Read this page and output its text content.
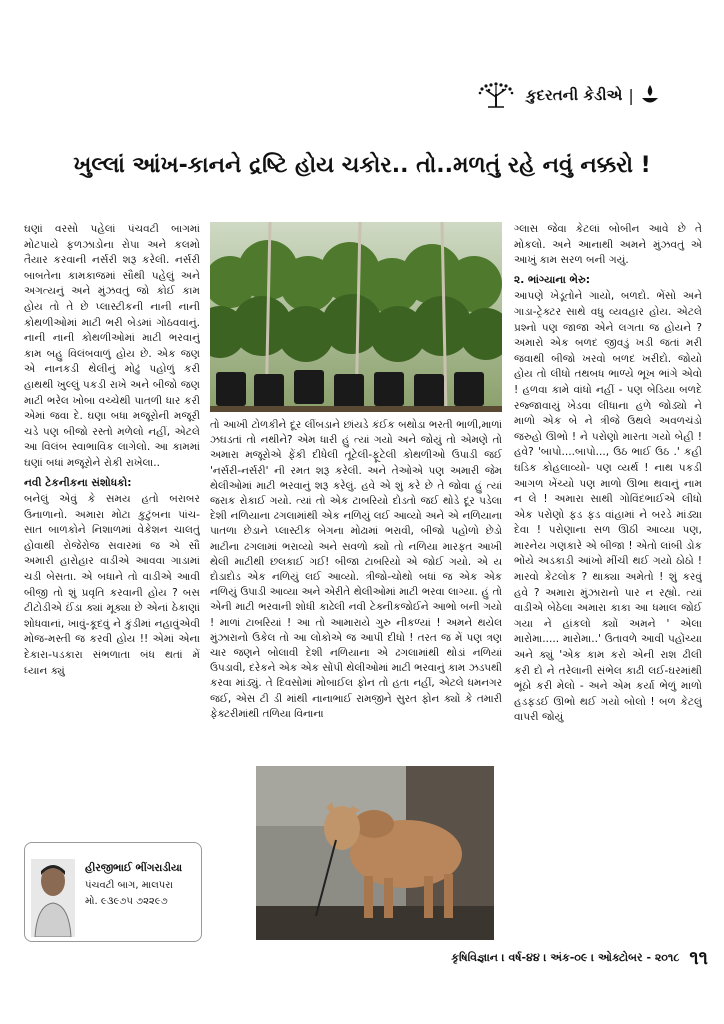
કુદરતની કેડીએ |
ખુલ્લાં આંખ-કાનને દ્રષ્ટિ હોય ચકોર.. તો..મળતું રહે નવું નક્કરો !

ઘણાં વરસો પહેલાં પંચવટી બાગમાં મોટપાયે ફળઝાડોના રોપા અને કલમો તૈયાર કરવાની નર્સરી શરૂ કરેલી. નર્સરી બાબતેના કામકાજમાં સૌથી પહેલું અને અગત્યનું અને મુંઝવતું જો કોઈ કામ હોય તો તે છે પ્લાસ્ટીકની નાની નાની કોથળીઓમાં માટી ભરી બેડમાં ગોઠવવાનું. નાની નાની કોથળીઓમાં માટી ભરવાનું કામ બહુ વિલંબવાળું હોય છે. એક જણ એ નાનકડી થેલીનું મોઢું પહોળું કરી હાથથી ખુલ્લું પકડી રાખે અને બીજો જણ માટી ભરેલ ખોબા વચ્ચેથી પાતળી ધાર કરી એમાં જવા દે. ઘણા બધા મજૂરોની મજૂરી ચડે પણ બીજો રસ્તો મળેલો નહીં, એટલે આ વિલંબ સ્વાભાવિક લાગેલો. આ કામમાં ઘણાં બધાં મજૂરોને રોકી રાખેલા..

નવી ટેકનીકના સંશોધકો:

બનેલું એવું કે સમય હતો બરાબર ઉનાળાનો. અમારા મોટા કુટુંબના પાંચ-સાત બાળકોને નિશાળમાં વેકેશન ચાલતું હોવાથી રોજેરોજ સવારમાં જ એ સૌ અમારી હારોહાર વાડીએ આવવા ગાડામાં ચડી બેસતા. એ બધાને તો વાડીએ આવી બીજી તો શું પ્રવૃતિ કરવાની હોય ? બસ ટીટોડીએ ઈંડા ક્યાં મૂક્યા છે એનાં ઠેકાણાં શોધવાનાં, ખાવું-કૂદવું ને કુંડીમાં નહાવુંએવી મોજ-મસ્તી જ કરવી હોય !! એમાં એના દેકારા-પડકારા સંભળાતા બંધ થતાં મેં ધ્યાન ક્યું

તો આખી ટોળકીને દૂર લીંબડાને છાંયડે કંઈક બથોડા ભરતી ભાળી,માળાં ઝઘડતાં તો નથીને? એમ ધારી હું ત્યાં ગયો અને જોયું તો એમણે તો અમારા મજૂરોએ ફેંકી દીધેલી તૂટેલી-ફૂટેલી કોથળીઓ ઉપાડી જઈ 'નર્સરી-નર્સરી' ની રમત શરૂ કરેલી. અને તેઓએ પણ અમારી જેમ થેલીઓમાં માટી ભરવાનું શરૂ કરેલું. હવે એ શું કરે છે તે જોવા હું ત્યાં જરાક રોકાઈ ગયો. ત્યાં તો એક ટાબરિયો દોડતો જઈ થોડે દૂર પડેલા દેશી નળિયાના ઢગલામાંથી એક નળિયું લઈ આવ્યો અને એ નળિયાના પાતળા છેડાને પ્લાસ્ટીક બેગના મોઢામાં ભરાવી, બીજો પહોળો છેડો માટીના ઢગલામાં ભરાવ્યો અને સવળો ક્યોં તો નળિયા મારફત આખી થેલી માટીથી છલકાઈ ગઈ! બીજા ટાબરિયો એ જોઈ ગયો. એ ય દોડાદોડ એક નળિયું લઈ આવ્યો. ત્રીજો-ચોથો બધાં જ એક એક નળિયું ઉપાડી આવ્યા અને એરીતે થેલીઓમાં માટી ભરવા લાગ્યા. હું તો એની માટી ભરવાની શોધી કાઢેલી નવી ટેક્નીકજોઈને આભો બની ગયો ! માળાં ટાબરિયાં ! આ તો આમારાયે ગુરુ નીકળ્યાં ! અમને થયેલ મુંઝારાનો ઉકેલ તો આ લોકોએ જ આપી દીધો ! તરત જ મેં પણ ત્રણ ચાર જણને બોલાવી દેશી નળિયાના એ ઢગલામાંથી થોડાં નળિયાં ઉપડાવી, દરેકને એક એક સોંપી થેલીઓમાં માટી ભરવાનું કામ ઝડપથી કરવા માંડ્યું. તે દિવસોમાં મોબાઈલ ફોન તો હતા નહીં, એટલે ધમનગર જઈ, એસ ટી ડી માંથી નાનાભાઈ રામજીને સુરત ફોન ક્યોં કે તમારી ફેક્ટરીમાંથી તળિયા વિનાના

ગ્લાસ જેવા કેટલાં બોબીન આવે છે તે મોકલો. અને આનાથી અમને મુંઝવતું એ આખું કામ સરળ બની ગયું.

૨. ભાંગ્યાના ભેરુ:

આપણે ખેડૂતોને ગાયો, બળદો. ભેંસો અને ગાડા-ટ્રેક્ટર સાથે વધુ વ્યવહાર હોય. એટલે પ્રશ્નો પણ જાજા એને લગતા જ હોયને ? અમારો એક બળદ જીવડું ખડી જતાં મરી જવાથી બીજો ખરવો બળદ ખરીદો. જોયો હોય તો લીધો તથબધ ભાળ્યે ભૂખ ભાંગે એવો ! હળવા કામે વાંધો નહીં - પણ બેડિયા બળદે રજ્જાવાયું ખેડવા લીધાના હળે જોડ્યો ને માળો એક બે ને ત્રીજે ઉથલે અવળચંડો જરુહો ઊભો ! ને પરોણો મારતા ગયો બેહી ! હવે? 'બાપો....બાપો..., ઉઠ ભાઈ ઉઠ .' કહી ઘડિક કોહલાવ્યો- પણ વ્યર્થ ! નાથ પકડી આગળ ખેંચ્યો પણ માળો ઊભા થવાનું નામ ન લે ! અમારા સાથી ગોવિંદભાઈએ લીધો એક પરોણો ફડ ફડ વાંહામાં ને બરડે માંડ્યા દેવા ! પરોણાના સળ ઊઠી આવ્યા પણ, મારનેય ગણકારે એ બીજા ! એતો લાંબી ડોક ભોંયે અડકાડી આંખો મીંચી થઈ ગયો ઠોઠો ! મારવો કેટલોક ? થાક્યા અમેતો ! શું કરવું હવે ? અમારા મુંઝારાનો પાર ન રહ્યો. ત્યાં વાડીએ બેઠેલા અમારા કાકા આ ધમાલ જોઈ ગયા ને હાંકલો ક્યોં અમને ' એલા મારોમા..... મારોમા..' ઉતાવળે આવી પહોંચ્યા અને ક્યું 'એક કામ કરો એની રાશ ઢીલી કરી દો ને તરેલાની સંભેલ કાઢી લઈ-ઘરમાંથી ભૂંઠો કરી મેલો - અને એમ કર્યા ભેળું માળો હડફડઈ ઊભો થઈ ગયો બોલો ! બળ કેટલું વાપરી જોયું

હીરજીભાઈ ભીંગરાડીયા
પંચવટી બાગ, માલપરા
મો. ૯૩૯૭૫ ૭૨૨૯૭
કૃષિવિજ્ઞાન । વર્ષ-૪૪ । અંક-૦૯ । ઓક્ટોબર - ૨૦૧૮ ૧૧
